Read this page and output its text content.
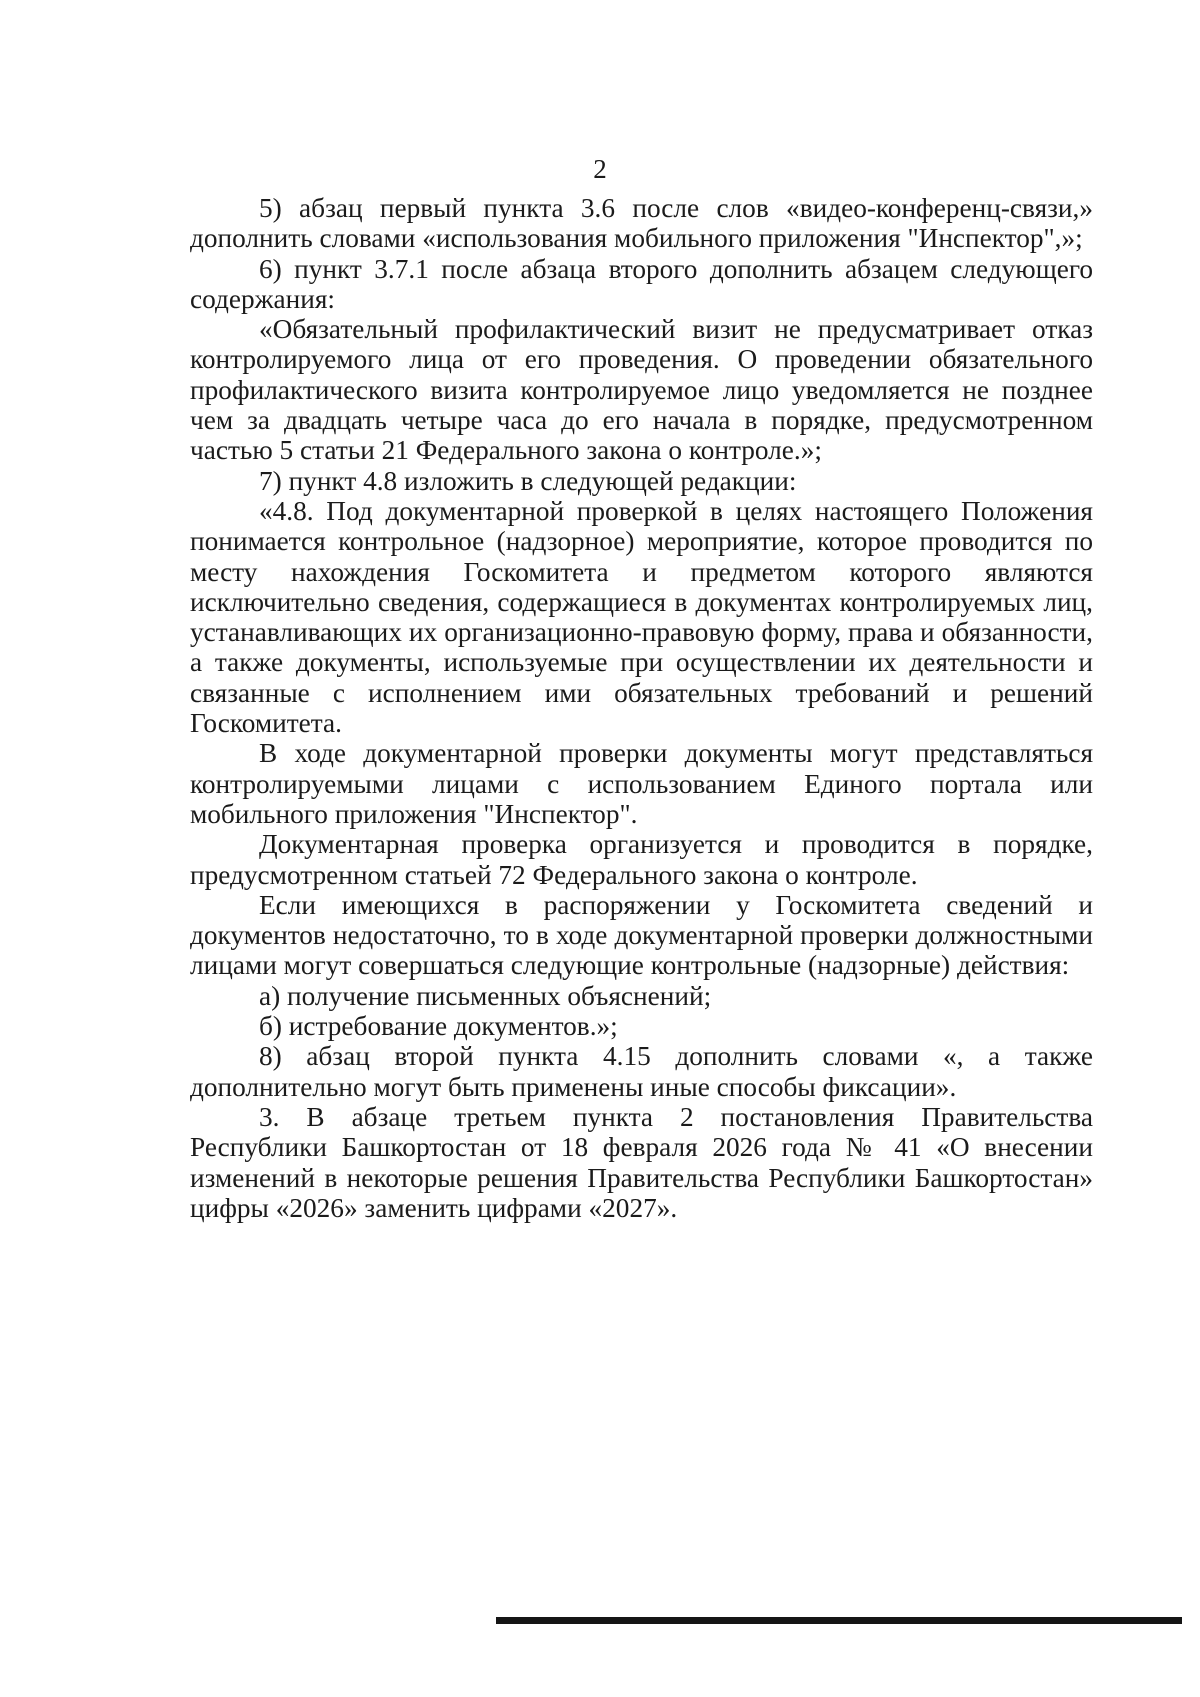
2

5) абзац первый пункта 3.6 после слов «видео-конференц-связи,» дополнить словами «использования мобильного приложения "Инспектор",»;

6) пункт 3.7.1 после абзаца второго дополнить абзацем следующего содержания:

«Обязательный профилактический визит не предусматривает отказ контролируемого лица от его проведения. О проведении обязательного профилактического визита контролируемое лицо уведомляется не позднее чем за двадцать четыре часа до его начала в порядке, предусмотренном частью 5 статьи 21 Федерального закона о контроле.»;

7) пункт 4.8 изложить в следующей редакции:

«4.8. Под документарной проверкой в целях настоящего Положения понимается контрольное (надзорное) мероприятие, которое проводится по месту нахождения Госкомитета и предметом которого являются исключительно сведения, содержащиеся в документах контролируемых лиц, устанавливающих их организационно-правовую форму, права и обязанности, а также документы, используемые при осуществлении их деятельности и связанные с исполнением ими обязательных требований и решений Госкомитета.

В ходе документарной проверки документы могут представляться контролируемыми лицами с использованием Единого портала или мобильного приложения "Инспектор".

Документарная проверка организуется и проводится в порядке, предусмотренном статьей 72 Федерального закона о контроле.

Если имеющихся в распоряжении у Госкомитета сведений и документов недостаточно, то в ходе документарной проверки должностными лицами могут совершаться следующие контрольные (надзорные) действия:

а) получение письменных объяснений;

б) истребование документов.»;

8) абзац второй пункта 4.15 дополнить словами «, а также дополнительно могут быть применены иные способы фиксации».

3. В абзаце третьем пункта 2 постановления Правительства Республики Башкортостан от 18 февраля 2026 года № 41 «О внесении изменений в некоторые решения Правительства Республики Башкортостан» цифры «2026» заменить цифрами «2027».
